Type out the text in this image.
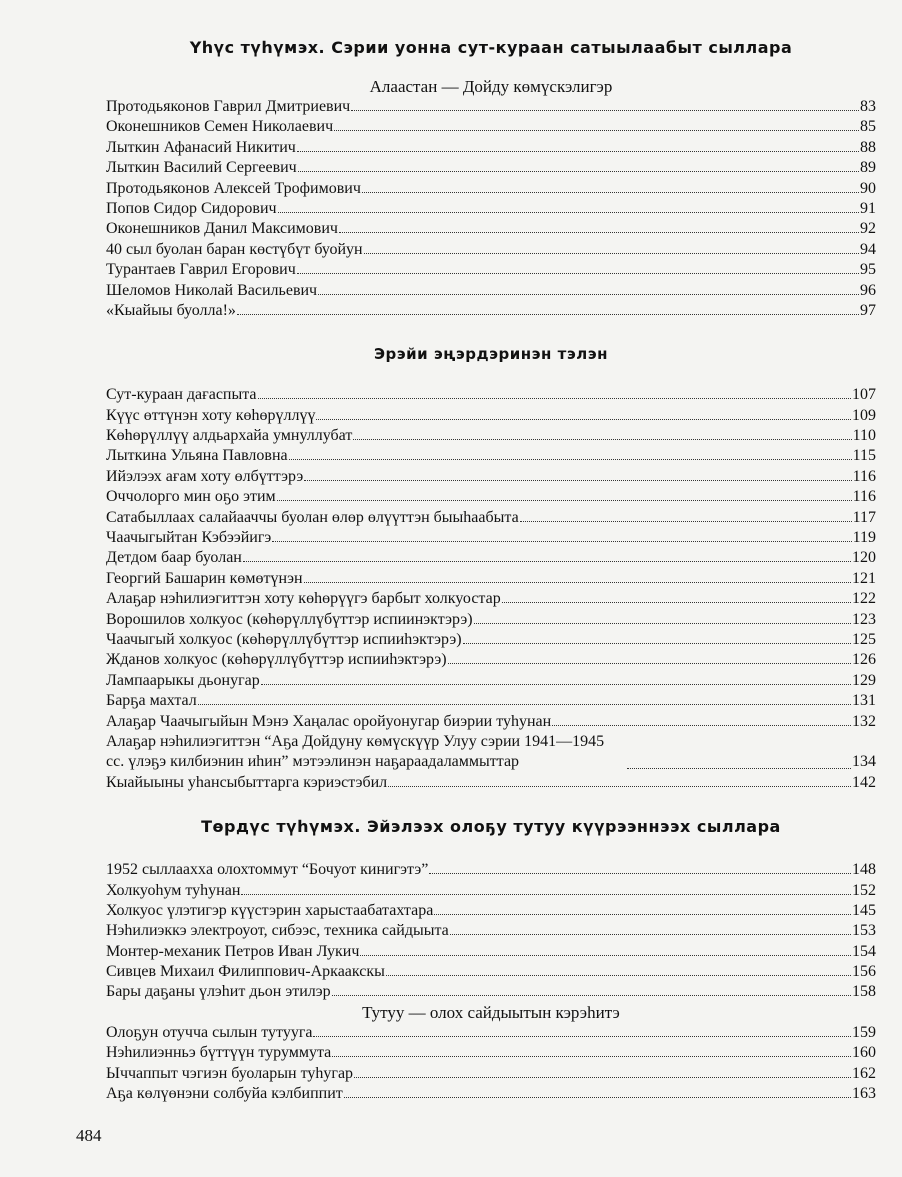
Үһүс түһүмэх. Сэрии уонна сут-кураан сатыылаабыт сыллара
Алаастан — Дойду көмүскэлигэр
Протодьяконов Гаврил Дмитриевич	83
Оконешников Семен Николаевич	85
Лыткин Афанасий Никитич	88
Лыткин Василий Сергеевич	89
Протодьяконов Алексей Трофимович	90
Попов Сидор Сидорович	91
Оконешников Данил Максимович	92
40 сыл буолан баран көстүбүт буойун	94
Турантаев Гаврил Егорович	95
Шеломов Николай Васильевич	96
«Кыайыы буолла!»	97
Эрэйи эңэрдэринэн тэлэн
Сут-кураан дағаспыта	107
Күүс өттүнэн хоту көһөрүллүү	109
Көһөрүллүү алдьархайа умнуллубат	110
Лыткина Ульяна Павловна	115
Ийэлээх ағам хоту өлбүттэрэ	116
Оччолорго мин оҕо этим	116
Сатабыллаах салайааччы буолан өлөр өлүүттэн быыһаабыта	117
Чаачыгыйтан Кэбээйигэ	119
Детдом баар буолан	120
Георгий Башарин көмөтүнэн	121
Алаҕар нэһилиэгиттэн хоту көһөрүүгэ барбыт холкуостар	122
Ворошилов холкуос (көһөрүллүбүттэр испиинэктэрэ)	123
Чаачыгый холкуос (көһөрүллүбүттэр испииһэктэрэ)	125
Жданов холкуос (көһөрүллүбүттэр испииһэктэрэ)	126
Лампаарыкы дьонугар	129
Барҕа махтал	131
Алаҕар Чаачыгыйын Мэнэ Хаңалас оройуонугар биэрии туһунан	132
Алаҕар нэһилиэгиттэн “Аҕа Дойдуну көмүскүүр Улуу сэрии 1941—1945 сс. үлэҕэ килбиэнин иһин” мэтээлинэн наҕараадаламмыттар	134
Кыайыыны уһансыбыттарга кэриэстэбил	142
Төрдүс түһүмэх. Эйэлээх олоҕу тутуу күүрээннээх сыллара
1952 сыллааххa олохтоммут “Бочуот кинигэтэ”	148
Холкуоһум туһунан	152
Холкуос үлэтигэр күүстэрин харыстаабатахтара	145
Нэһилиэккэ электроуот, сибээс, техника сайдыыта	153
Монтер-механик Петров Иван Лукич	154
Сивцев Михаил Филиппович-Аркаакскы	156
Бары даҕаны үлэһит дьон этилэр	158
Тутуу — олох сайдыытын кэрэһитэ
Олоҕун отучча сылын тутууга	159
Нэһилиэнньэ бүттүүн туруммута	160
Ыччаппыт чэгиэн буоларын туһугар	162
Аҕа көлүөнэни солбуйа кэлбиппит	163
484
